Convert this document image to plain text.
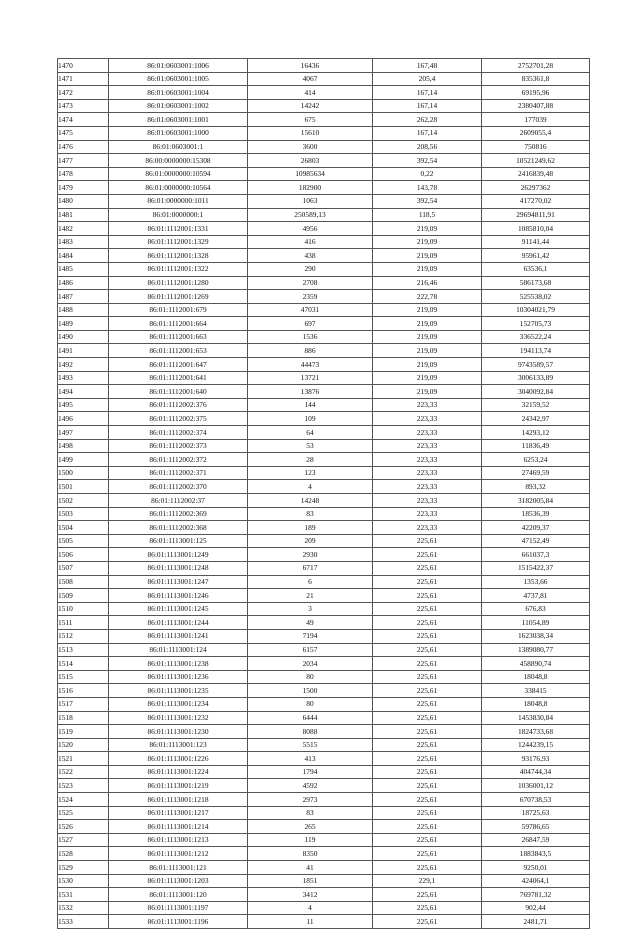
1470	86:01:0603001:1006	16436	167,48	2752701,28
1471	86:01:0603001:1005	4067	205,4	835361,8
1472	86:01:0603001:1004	414	167,14	69195,96
1473	86:01:0603001:1002	14242	167,14	2380407,88
1474	86:01:0603001:1001	675	262,28	177039
1475	86:01:0603001:1000	15610	167,14	2609055,4
1476	86:01:0603001:1	3600	208,56	750816
1477	86:00:0000000:15308	26803	392,54	10521249,62
1478	86:01:0000000:10594	10985634	0,22	2416839,48
1479	86:01:0000000:10564	182900	143,78	26297362
1480	86:01:0000000:1011	1063	392,54	417270,02
1481	86:01:0000000:1	250589,13	118,5	29694811,91
1482	86:01:1112001:1331	4956	219,09	1085810,04
1483	86:01:1112001:1329	416	219,09	91141,44
1484	86:01:1112001:1328	438	219,09	95961,42
1485	86:01:1112001:1322	290	219,09	63536,1
1486	86:01:1112001:1280	2708	216,46	586173,68
1487	86:01:1112001:1269	2359	222,78	525538,02
1488	86:01:1112001:679	47031	219,09	10304021,79
1489	86:01:1112001:664	697	219,09	152705,73
1490	86:01:1112001:663	1536	219,09	336522,24
1491	86:01:1112001:653	886	219,09	194113,74
1492	86:01:1112001:647	44473	219,09	9743589,57
1493	86:01:1112001:641	13721	219,09	3006133,89
1494	86:01:1112001:640	13876	219,09	3040092,84
1495	86:01:1112002:376	144	223,33	32159,52
1496	86:01:1112002:375	109	223,33	24342,97
1497	86:01:1112002:374	64	223,33	14293,12
1498	86:01:1112002:373	53	223,33	11836,49
1499	86:01:1112002:372	28	223,33	6253,24
1500	86:01:1112002:371	123	223,33	27469,59
1501	86:01:1112002:370	4	223,33	893,32
1502	86:01:1112002:37	14248	223,33	3182005,84
1503	86:01:1112002:369	83	223,33	18536,39
1504	86:01:1112002:368	189	223,33	42209,37
1505	86:01:1113001:125	209	225,61	47152,49
1506	86:01:1113001:1249	2930	225,61	661037,3
1507	86:01:1113001:1248	6717	225,61	1515422,37
1508	86:01:1113001:1247	6	225,61	1353,66
1509	86:01:1113001:1246	21	225,61	4737,81
1510	86:01:1113001:1245	3	225,61	676,83
1511	86:01:1113001:1244	49	225,61	11054,89
1512	86:01:1113001:1241	7194	225,61	1623038,34
1513	86:01:1113001:124	6157	225,61	1389080,77
1514	86:01:1113001:1238	2034	225,61	458890,74
1515	86:01:1113001:1236	80	225,61	18048,8
1516	86:01:1113001:1235	1500	225,61	338415
1517	86:01:1113001:1234	80	225,61	18048,8
1518	86:01:1113001:1232	6444	225,61	1453830,84
1519	86:01:1113001:1230	8088	225,61	1824733,68
1520	86:01:1113001:123	5515	225,61	1244239,15
1521	86:01:1113001:1226	413	225,61	93176,93
1522	86:01:1113001:1224	1794	225,61	404744,34
1523	86:01:1113001:1219	4592	225,61	1036001,12
1524	86:01:1113001:1218	2973	225,61	670738,53
1525	86:01:1113001:1217	83	225,61	18725,63
1526	86:01:1113001:1214	265	225,61	59786,65
1527	86:01:1113001:1213	119	225,61	26847,59
1528	86:01:1113001:1212	8350	225,61	1883843,5
1529	86:01:1113001:121	41	225,61	9250,01
1530	86:01:1113001:1203	1851	229,1	424064,1
1531	86:01:1113001:120	3412	225,61	769781,32
1532	86:01:1113001:1197	4	225,61	902,44
1533	86:01:1113001:1196	11	225,61	2481,71
